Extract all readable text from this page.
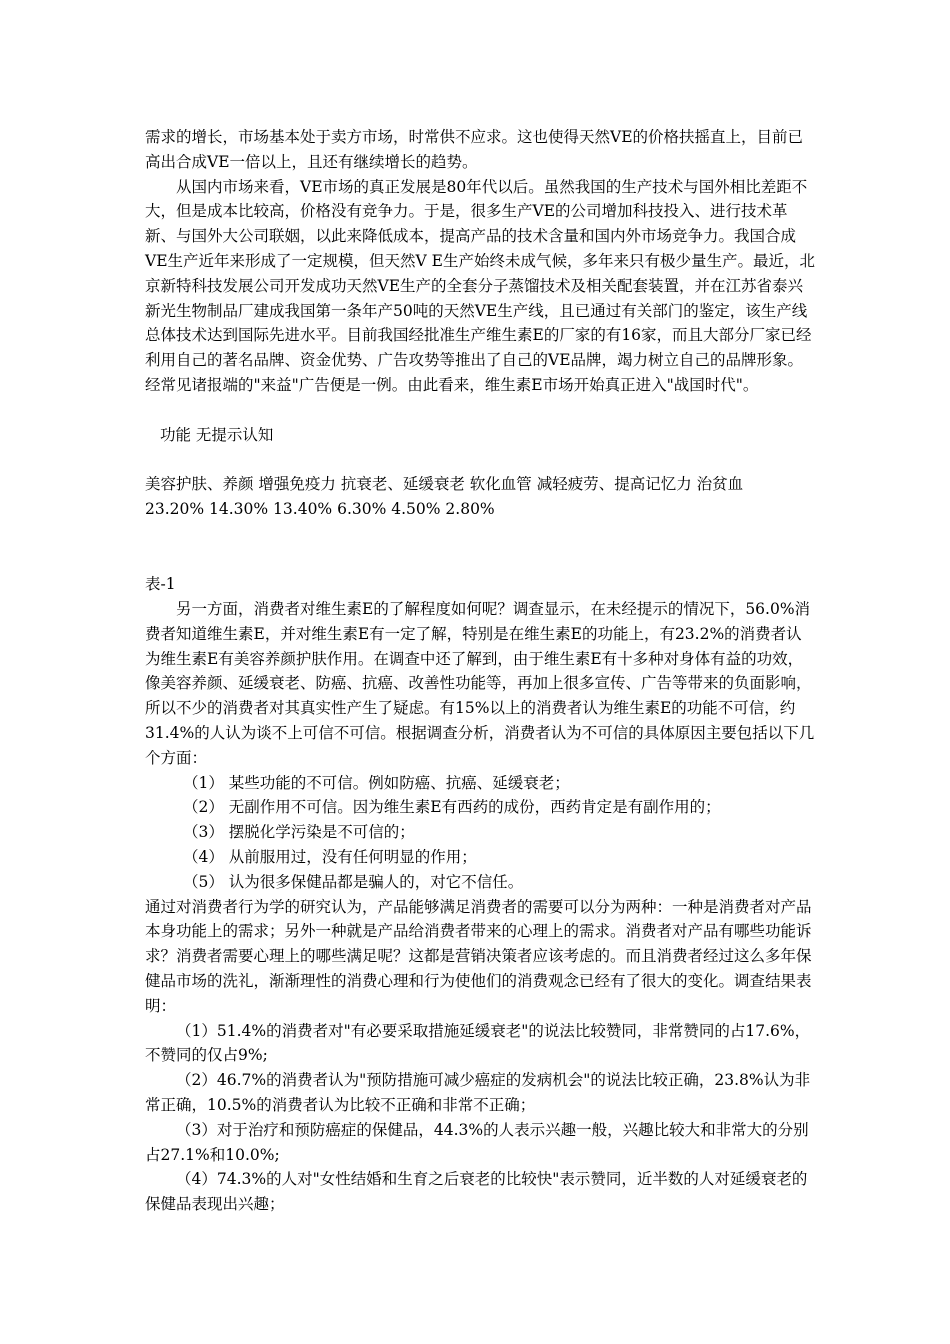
需求的增长，市场基本处于卖方市场，时常供不应求。这也使得天然VE的价格扶摇直上，目前已高出合成VE一倍以上，且还有继续增长的趋势。

从国内市场来看，VE市场的真正发展是80年代以后。虽然我国的生产技术与国外相比差距不大，但是成本比较高，价格没有竞争力。于是，很多生产VE的公司增加科技投入、进行技术革新、与国外大公司联姻，以此来降低成本，提高产品的技术含量和国内外市场竞争力。我国合成VE生产近年来形成了一定规模，但天然V E生产始终未成气候，多年来只有极少量生产。最近，北京新特科技发展公司开发成功天然VE生产的全套分子蒸馏技术及相关配套装置，并在江苏省泰兴新光生物制品厂建成我国第一条年产50吨的天然VE生产线，且已通过有关部门的鉴定，该生产线总体技术达到国际先进水平。目前我国经批准生产维生素E的厂家的有16家，而且大部分厂家已经利用自己的著名品牌、资金优势、广告攻势等推出了自己的VE品牌，竭力树立自己的品牌形象。经常见诸报端的"来益"广告便是一例。由此看来，维生素E市场开始真正进入"战国时代"。

功能 无提示认知

美容护肤、养颜 增强免疫力 抗衰老、延缓衰老 软化血管 减轻疲劳、提高记忆力 治贫血

23.20% 14.30% 13.40% 6.30% 4.50% 2.80%

表-1

另一方面，消费者对维生素E的了解程度如何呢？调查显示，在未经提示的情况下，56.0%消费者知道维生素E，并对维生素E有一定了解，特别是在维生素E的功能上，有23.2%的消费者认为维生素E有美容养颜护肤作用。在调查中还了解到，由于维生素E有十多种对身体有益的功效，像美容养颜、延缓衰老、防癌、抗癌、改善性功能等，再加上很多宣传、广告等带来的负面影响，所以不少的消费者对其真实性产生了疑虑。有15%以上的消费者认为维生素E的功能不可信，约31.4%的人认为谈不上可信不可信。根据调查分析，消费者认为不可信的具体原因主要包括以下几个方面：

（1） 某些功能的不可信。例如防癌、抗癌、延缓衰老；

（2） 无副作用不可信。因为维生素E有西药的成份，西药肯定是有副作用的；

（3） 摆脱化学污染是不可信的；

（4） 从前服用过，没有任何明显的作用；

（5） 认为很多保健品都是骗人的，对它不信任。

通过对消费者行为学的研究认为，产品能够满足消费者的需要可以分为两种：一种是消费者对产品本身功能上的需求；另外一种就是产品给消费者带来的心理上的需求。消费者对产品有哪些功能诉求？消费者需要心理上的哪些满足呢？这都是营销决策者应该考虑的。而且消费者经过这么多年保健品市场的洗礼，渐渐理性的消费心理和行为使他们的消费观念已经有了很大的变化。调查结果表明：

（1）51.4%的消费者对"有必要采取措施延缓衰老"的说法比较赞同，非常赞同的占17.6%，不赞同的仅占9%;

（2）46.7%的消费者认为"预防措施可减少癌症的发病机会"的说法比较正确，23.8%认为非常正确，10.5%的消费者认为比较不正确和非常不正确；

（3）对于治疗和预防癌症的保健品，44.3%的人表示兴趣一般，兴趣比较大和非常大的分别占27.1%和10.0%;

（4）74.3%的人对"女性结婚和生育之后衰老的比较快"表示赞同，近半数的人对延缓衰老的保健品表现出兴趣；
